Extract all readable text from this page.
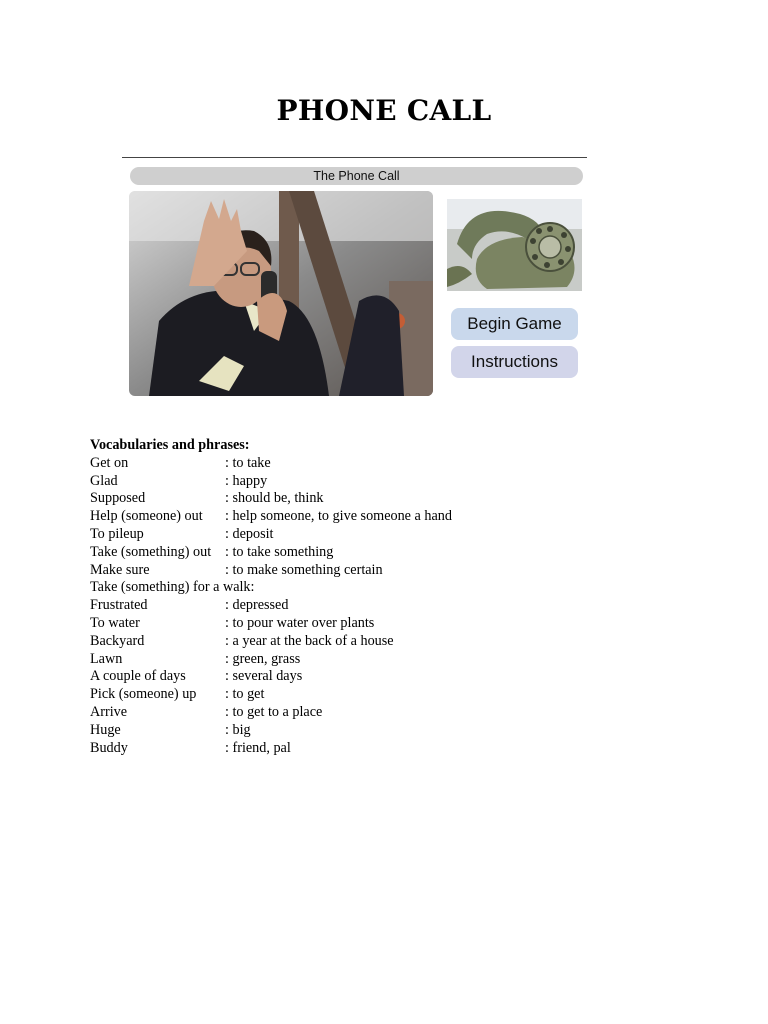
PHONE CALL
The Phone Call
Begin Game
Instructions
Vocabularies and phrases:
Get on	: to take
Glad	: happy
Supposed	: should be, think
Help (someone) out : help someone, to give someone a hand
To pileup	: deposit
Take (something) out : to take something
Make sure	: to make something certain
Take (something) for a walk:
Frustrated	: depressed
To water	: to pour water over plants
Backyard	: a year at the back of a house
Lawn	: green, grass
A couple of days	: several days
Pick (someone) up : to get
Arrive	: to get to a place
Huge	: big
Buddy	: friend, pal
